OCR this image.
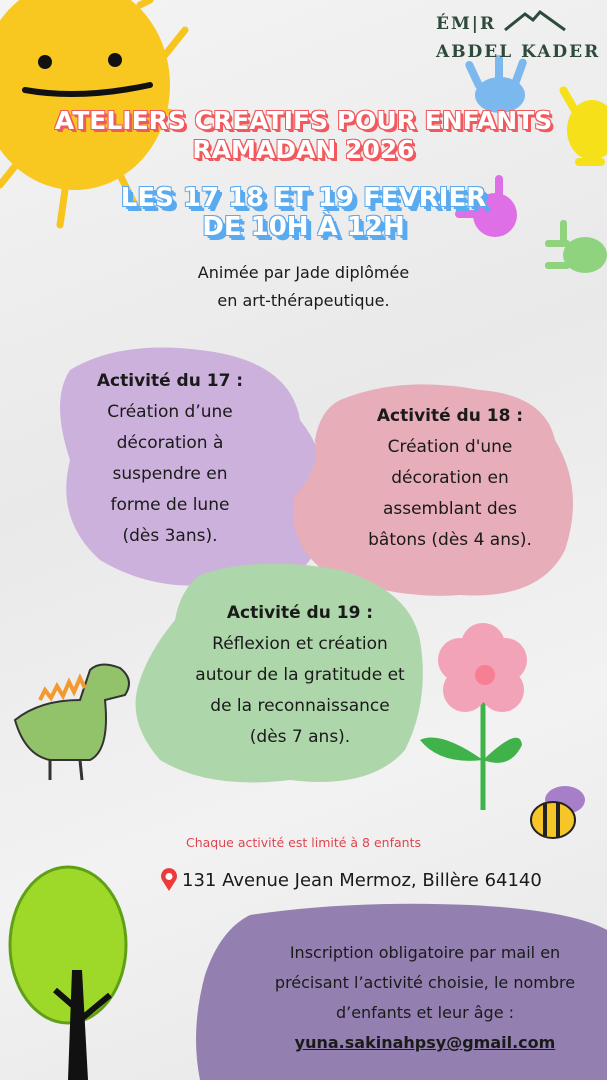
ÉM|R
ABDEL KADER
ATELIERS CREATIFS POUR ENFANTS
RAMADAN 2026
LES 17 18 ET 19 FEVRIER
DE 10H À 12H
Animée par Jade diplômée
en art-thérapeutique.
Activité du 17 :
Création d’une
décoration à
suspendre en
forme de lune
(dès 3ans).
Activité du 18 :
Création d'une
décoration en
assemblant des
bâtons (dès 4 ans).
Activité du 19 :
Réflexion et création
autour de la gratitude et
de la reconnaissance
(dès 7 ans).
Chaque activité est limité à 8 enfants
131 Avenue Jean Mermoz, Billère 64140
Inscription obligatoire par mail en
précisant l’activité choisie, le nombre
d’enfants et leur âge :
yuna.sakinahpsy@gmail.com
